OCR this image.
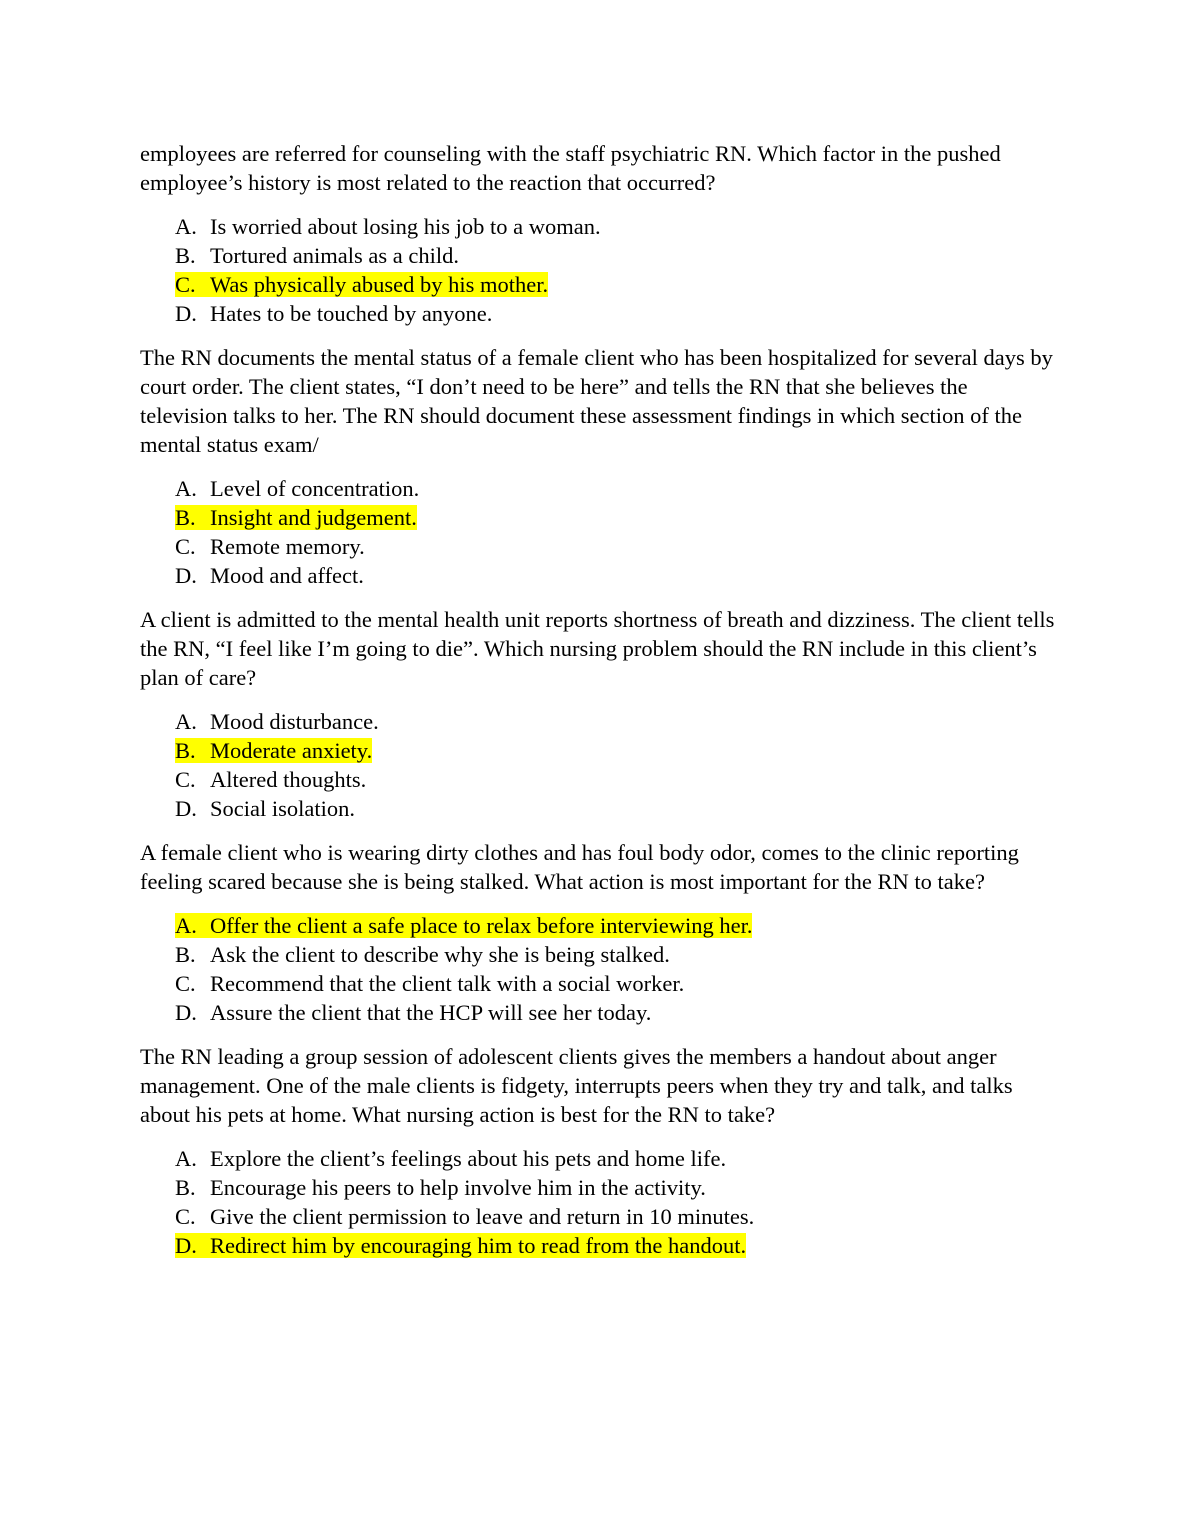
employees are referred for counseling with the staff psychiatric RN. Which factor in the pushed employee’s history is most related to the reaction that occurred?

A. Is worried about losing his job to a woman.
B. Tortured animals as a child.
C. Was physically abused by his mother.
D. Hates to be touched by anyone.

The RN documents the mental status of a female client who has been hospitalized for several days by court order. The client states, “I don’t need to be here” and tells the RN that she believes the television talks to her. The RN should document these assessment findings in which section of the mental status exam/

A. Level of concentration.
B. Insight and judgement.
C. Remote memory.
D. Mood and affect.

A client is admitted to the mental health unit reports shortness of breath and dizziness. The client tells the RN, “I feel like I’m going to die”. Which nursing problem should the RN include in this client’s plan of care?

A. Mood disturbance.
B. Moderate anxiety.
C. Altered thoughts.
D. Social isolation.

A female client who is wearing dirty clothes and has foul body odor, comes to the clinic reporting feeling scared because she is being stalked. What action is most important for the RN to take?

A. Offer the client a safe place to relax before interviewing her.
B. Ask the client to describe why she is being stalked.
C. Recommend that the client talk with a social worker.
D. Assure the client that the HCP will see her today.

The RN leading a group session of adolescent clients gives the members a handout about anger management. One of the male clients is fidgety, interrupts peers when they try and talk, and talks about his pets at home. What nursing action is best for the RN to take?

A. Explore the client’s feelings about his pets and home life.
B. Encourage his peers to help involve him in the activity.
C. Give the client permission to leave and return in 10 minutes.
D. Redirect him by encouraging him to read from the handout.
